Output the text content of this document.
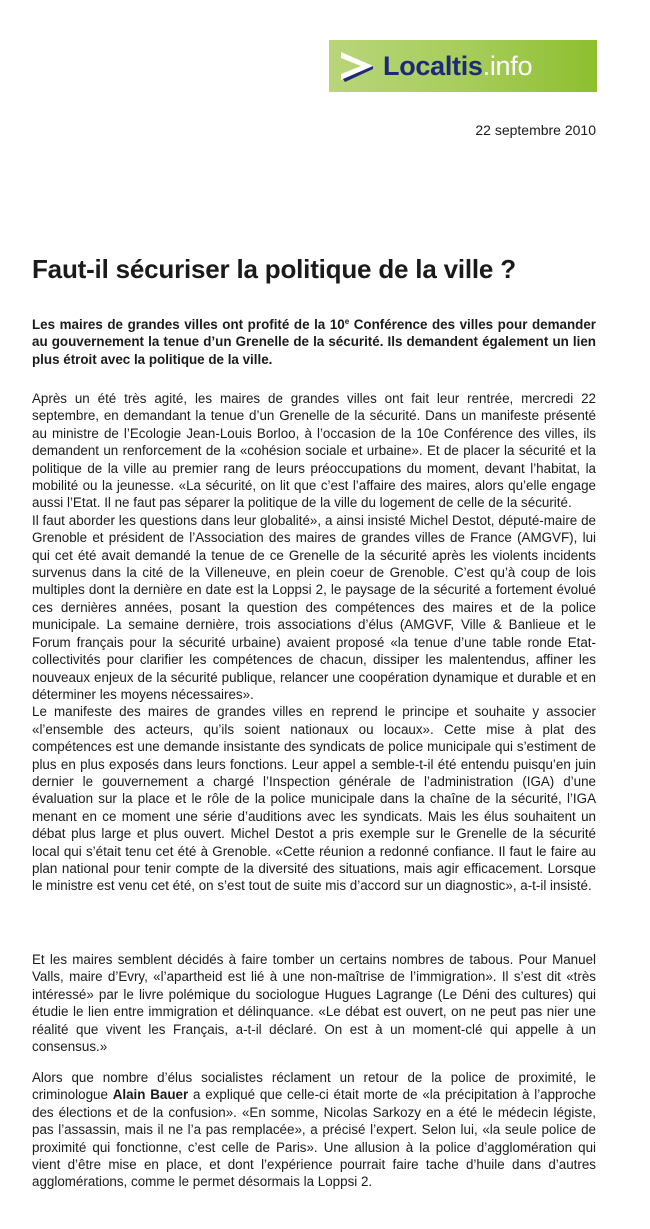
Localtis.info
22 septembre 2010
Faut-il sécuriser la politique de la ville ?

Les maires de grandes villes ont profité de la 10e Conférence des villes pour demander au gouvernement la tenue d’un Grenelle de la sécurité. Ils demandent également un lien plus étroit avec la politique de la ville.

Après un été très agité, les maires de grandes villes ont fait leur rentrée, mercredi 22 septembre, en demandant la tenue d’un Grenelle de la sécurité. Dans un manifeste présenté au ministre de l’Ecologie Jean-Louis Borloo, à l’occasion de la 10e Conférence des villes, ils demandent un renforcement de la «cohésion sociale et urbaine». Et de placer la sécurité et la politique de la ville au premier rang de leurs préoccupations du moment, devant l’habitat, la mobilité ou la jeunesse. «La sécurité, on lit que c’est l’affaire des maires, alors qu’elle engage aussi l’Etat. Il ne faut pas séparer la politique de la ville du logement de celle de la sécurité.

Il faut aborder les questions dans leur globalité», a ainsi insisté Michel Destot, député-maire de Grenoble et président de l’Association des maires de grandes villes de France (AMGVF), lui qui cet été avait demandé la tenue de ce Grenelle de la sécurité après les violents incidents survenus dans la cité de la Villeneuve, en plein coeur de Grenoble. C’est qu’à coup de lois multiples dont la dernière en date est la Loppsi 2, le paysage de la sécurité a fortement évolué ces dernières années, posant la question des compétences des maires et de la police municipale. La semaine dernière, trois associations d’élus (AMGVF, Ville & Banlieue et le Forum français pour la sécurité urbaine) avaient proposé «la tenue d’une table ronde Etat-collectivités pour clarifier les compétences de chacun, dissiper les malentendus, affiner les nouveaux enjeux de la sécurité publique, relancer une coopération dynamique et durable et en déterminer les moyens nécessaires».

Le manifeste des maires de grandes villes en reprend le principe et souhaite y associer «l’ensemble des acteurs, qu’ils soient nationaux ou locaux». Cette mise à plat des compétences est une demande insistante des syndicats de police municipale qui s’estiment de plus en plus exposés dans leurs fonctions. Leur appel a semble-t-il été entendu puisqu’en juin dernier le gouvernement a chargé l’Inspection générale de l’administration (IGA) d’une évaluation sur la place et le rôle de la police municipale dans la chaîne de la sécurité, l’IGA menant en ce moment une série d’auditions avec les syndicats. Mais les élus souhaitent un débat plus large et plus ouvert. Michel Destot a pris exemple sur le Grenelle de la sécurité local qui s’était tenu cet été à Grenoble. «Cette réunion a redonné confiance. Il faut le faire au plan national pour tenir compte de la diversité des situations, mais agir efficacement. Lorsque le ministre est venu cet été, on s’est tout de suite mis d’accord sur un diagnostic», a-t-il insisté.

Et les maires semblent décidés à faire tomber un certains nombres de tabous. Pour Manuel Valls, maire d’Evry, «l’apartheid est lié à une non-maîtrise de l’immigration». Il s’est dit «très intéressé» par le livre polémique du sociologue Hugues Lagrange (Le Déni des cultures) qui étudie le lien entre immigration et délinquance. «Le débat est ouvert, on ne peut pas nier une réalité que vivent les Français, a-t-il déclaré. On est à un moment-clé qui appelle à un consensus.»

Alors que nombre d’élus socialistes réclament un retour de la police de proximité, le criminologue Alain Bauer a expliqué que celle-ci était morte de «la précipitation à l’approche des élections et de la confusion». «En somme, Nicolas Sarkozy en a été le médecin légiste, pas l’assassin, mais il ne l’a pas remplacée», a précisé l’expert. Selon lui, «la seule police de proximité qui fonctionne, c’est celle de Paris». Une allusion à la police d’agglomération qui vient d’être mise en place, et dont l’expérience pourrait faire tache d’huile dans d’autres agglomérations, comme le permet désormais la Loppsi 2.
